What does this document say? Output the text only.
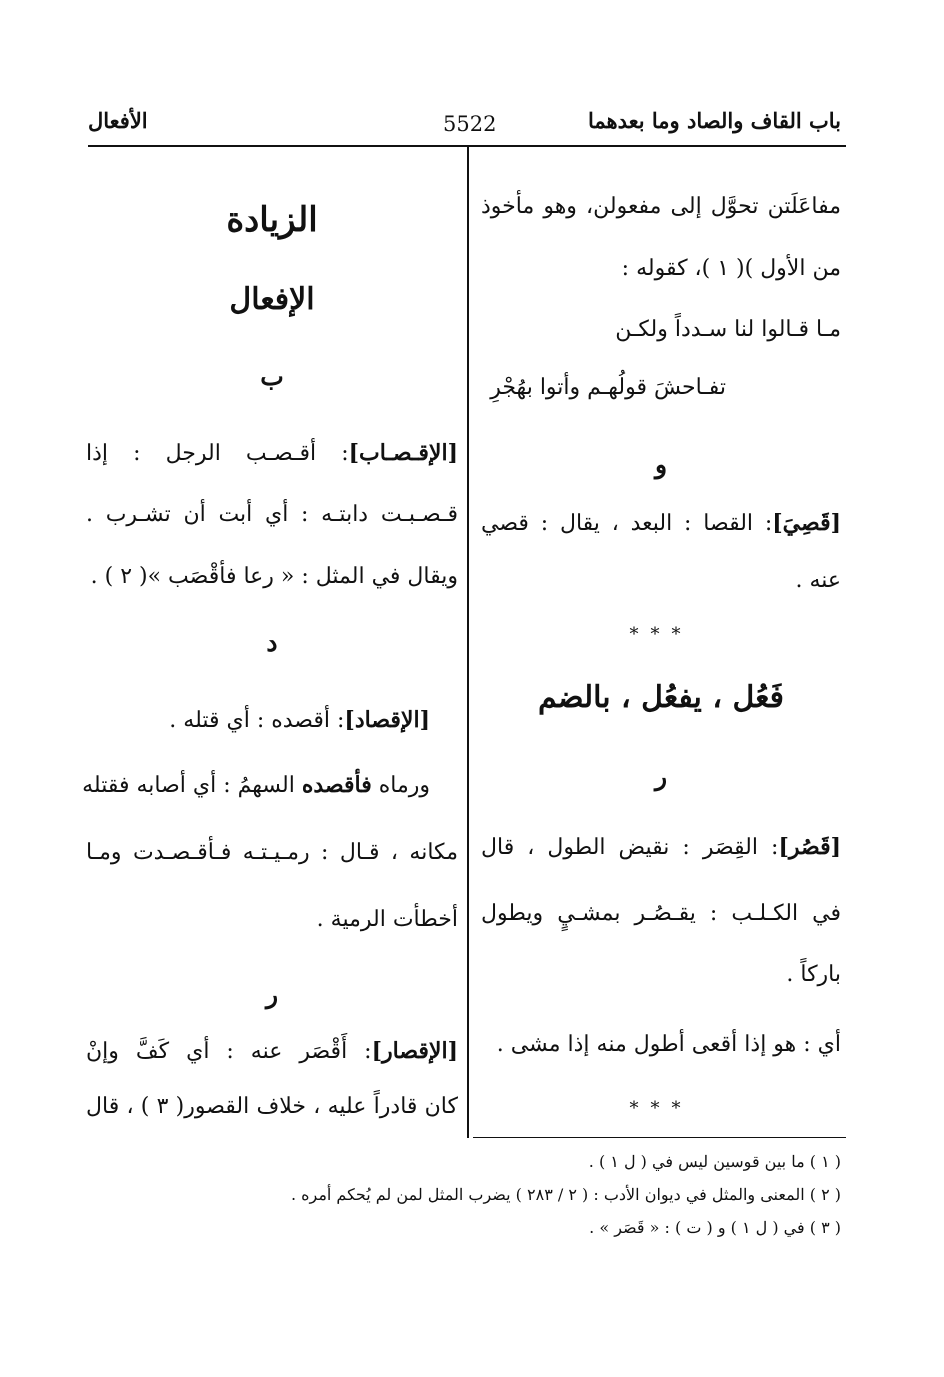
باب القاف والصاد وما بعدهما
5522
الأفعال
مفاعَلَتن تحوَّل إلى مفعولن، وهو مأخوذ
من الأول )( ١ )، كقوله :
مـا قـالوا لنا سـدداً ولكـن
تفـاحشَ قولُهـم وأتوا بهُجْرِ
و
[قَصِيَ]: القصا : البعد ، يقال : قصي
عنه .
***
فَعُل ، يفعُل ، بالضم
ر
[قَصُر]: القِصَر : نقيض الطول ، قال
في الكـلـب : يقـصُـر بمشـيٍ ويطول
باركاً .
أي : هو إذا أقعى أطول منه إذا مشى .
***
الزيادة
الإفعال
ب
[الإقـصـاب]: أقـصـب الرجل : إذا
قـصـبـت دابتـه : أي أبت أن تشـرب .
ويقال في المثل : « رعا فأقْصَب »( ٢ ) .
د
[الإقصاد]: أقصده : أي قتله .
ورماه فأقصده السهمُ : أي أصابه فقتله
مكانه ، قـال : رمـيـتـه فـأقـصـدت ومـا
أخطأت الرمية .
ر
[الإقصار]: أَقْصَر عنه : أي كَفَّ وإنْ
كان قادراً عليه ، خلاف القصور( ٣ ) ، قال
( ١ ) ما بين قوسين ليس في ( ل ١ ) .
( ٢ ) المعنى والمثل في ديوان الأدب : ( ٢ / ٢٨٣ ) يضرب المثل لمن لم يُحكم أمره .
( ٣ ) في ( ل ١ ) و ( ت ) : « قَصَر » .
